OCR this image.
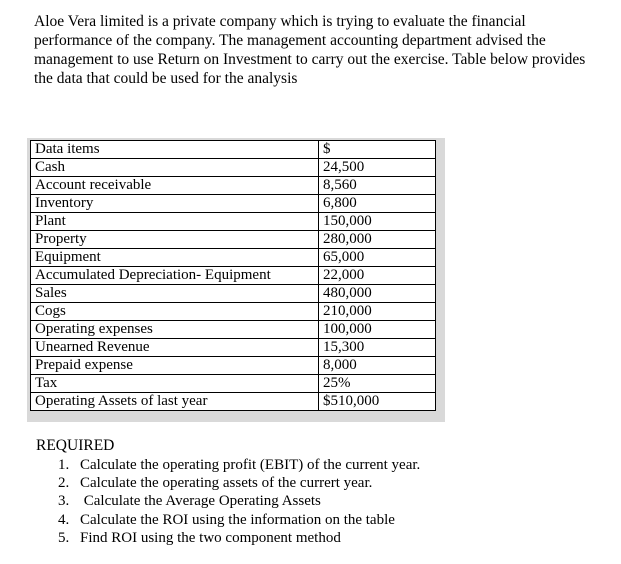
Aloe Vera limited is a private company which is trying to evaluate the financial performance of the company. The management accounting department advised the management to use Return on Investment to carry out the exercise. Table below provides the data that could be used for the analysis

Data items	$
Cash	24,500
Account receivable	8,560
Inventory	6,800
Plant	150,000
Property	280,000
Equipment	65,000
Accumulated Depreciation- Equipment	22,000
Sales	480,000
Cogs	210,000
Operating expenses	100,000
Unearned Revenue	15,300
Prepaid expense	8,000
Tax	25%
Operating Assets of last year	$510,000

REQUIRED

1. Calculate the operating profit (EBIT) of the current year.
2. Calculate the operating assets of the currert year.
3. Calculate the Average Operating Assets
4. Calculate the ROI using the information on the table
5. Find ROI using the two component method
